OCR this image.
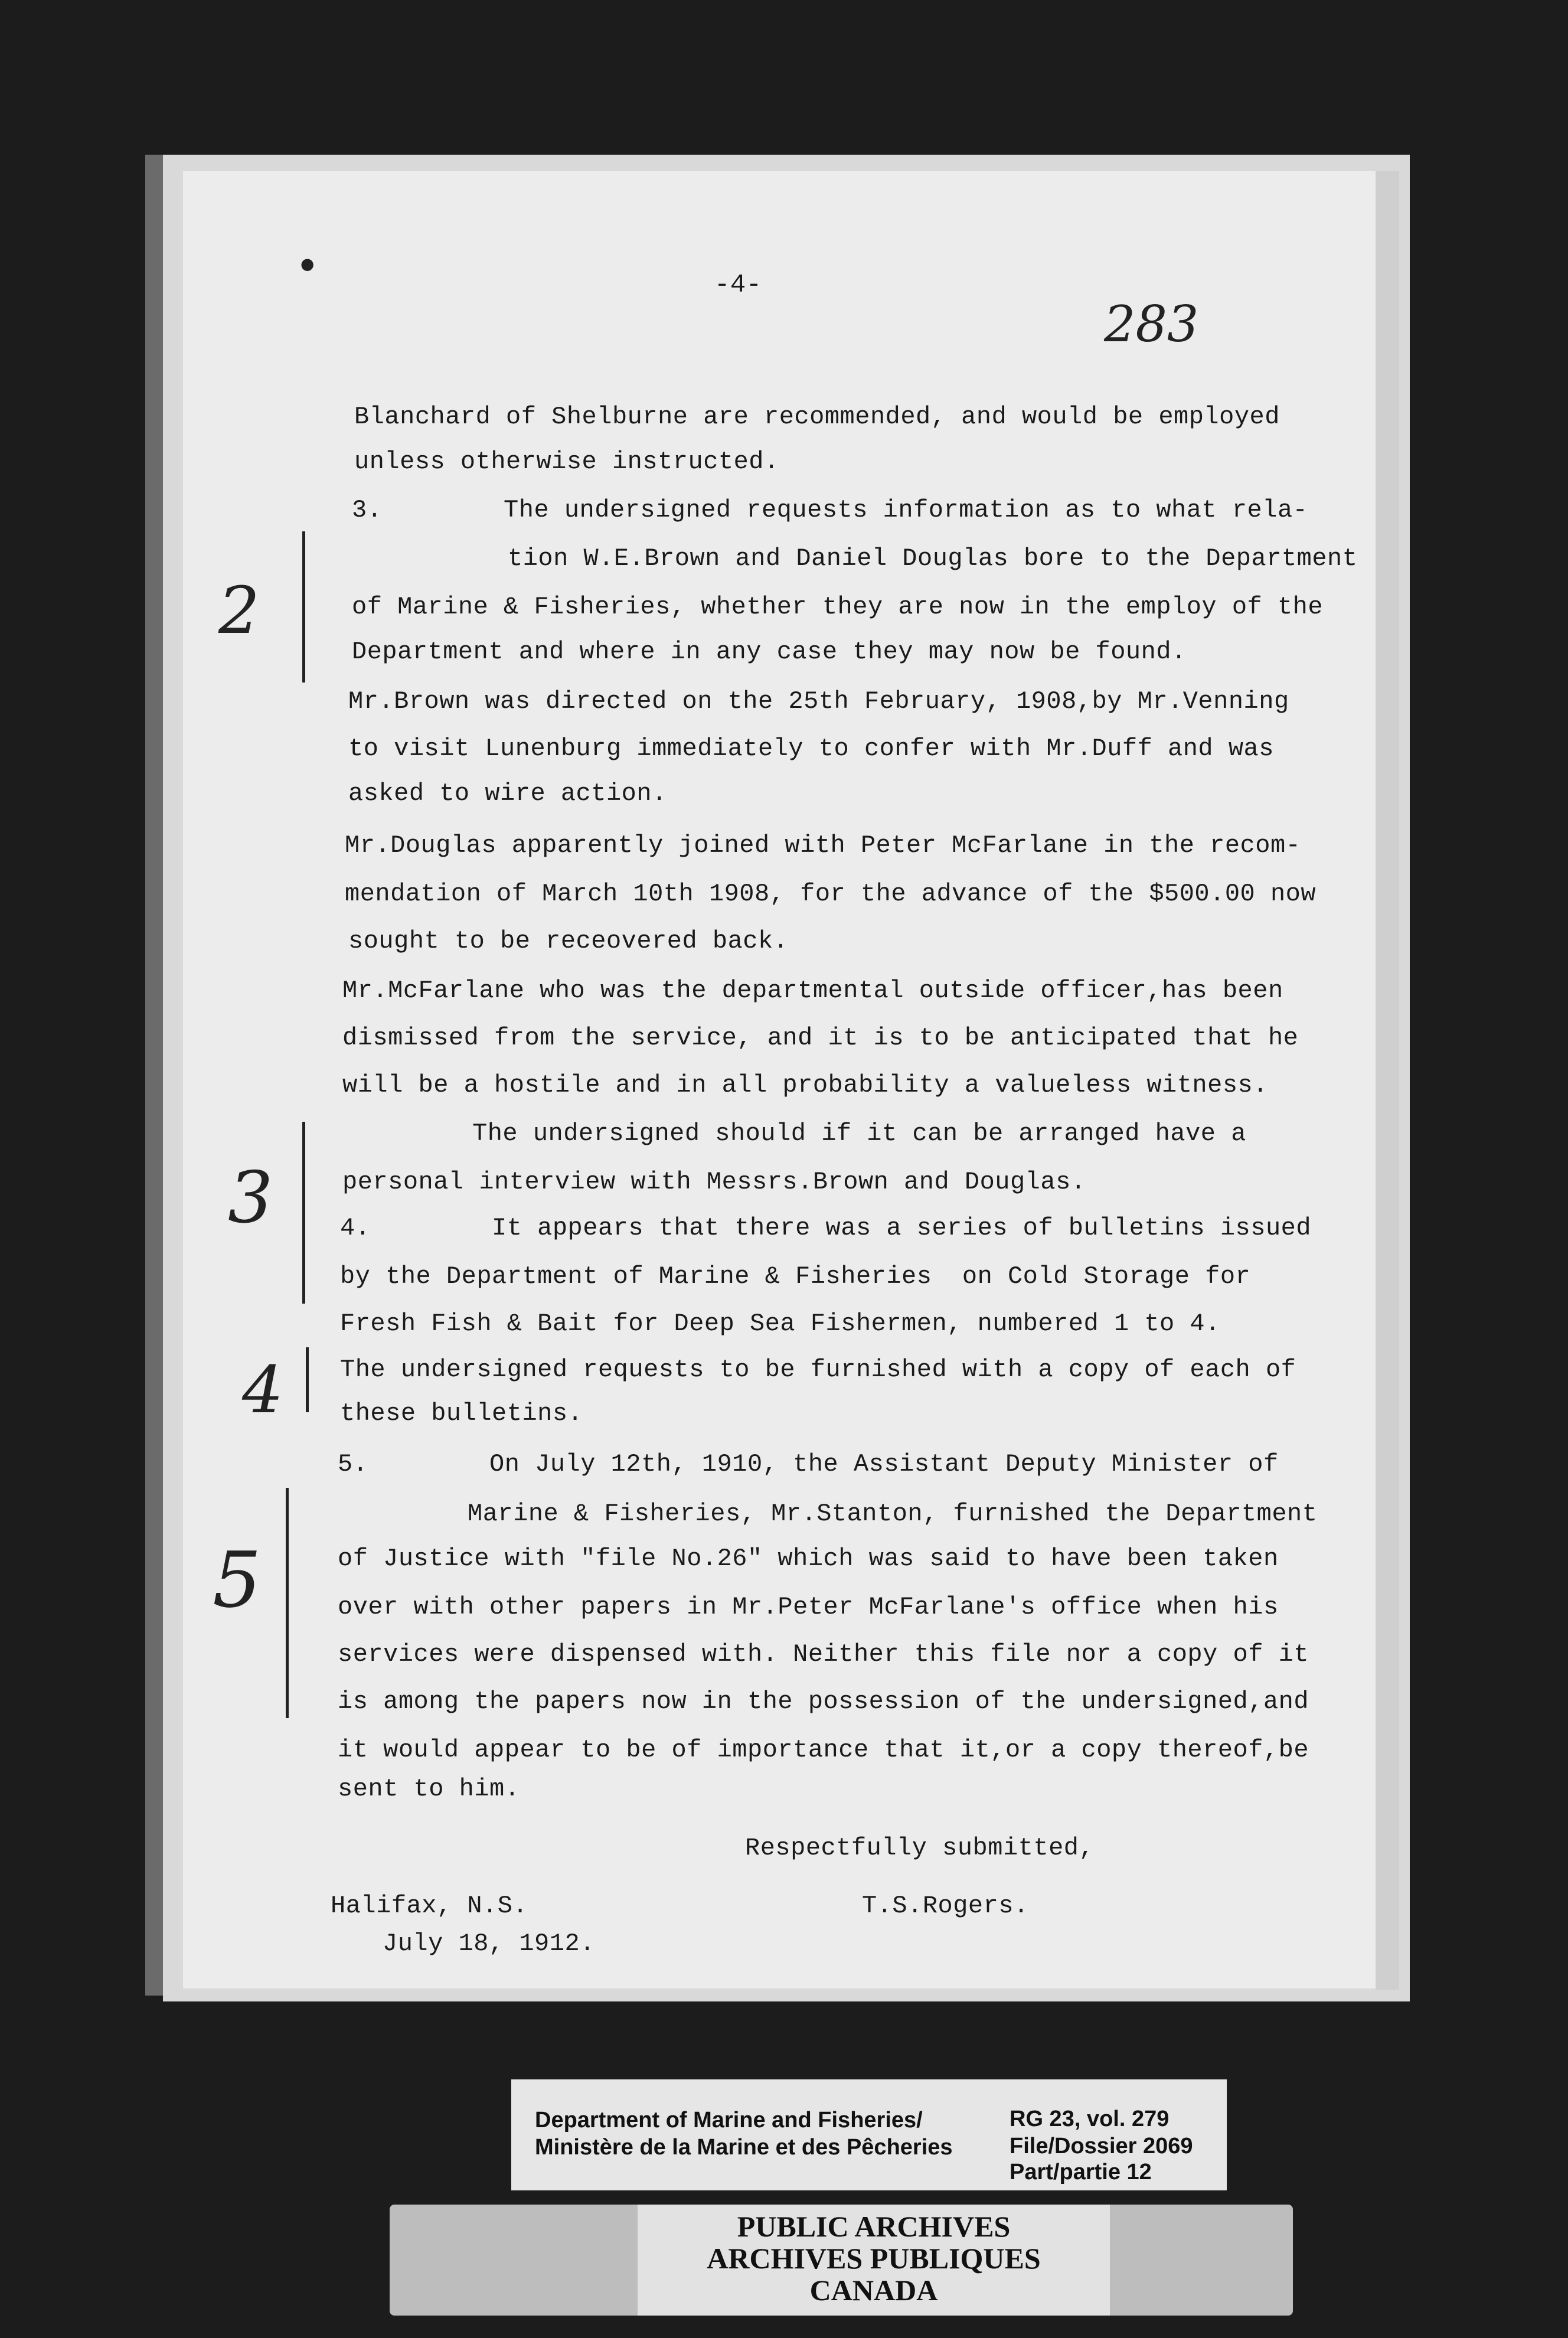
-4-
283
•
Blanchard of Shelburne are recommended, and would be employed
unless otherwise instructed.
3.        The undersigned requests information as to what rela-
tion W.E.Brown and Daniel Douglas bore to the Department
of Marine & Fisheries, whether they are now in the employ of the
Department and where in any case they may now be found.
Mr.Brown was directed on the 25th February, 1908,by Mr.Venning
to visit Lunenburg immediately to confer with Mr.Duff and was
asked to wire action.
Mr.Douglas apparently joined with Peter McFarlane in the recom-
mendation of March 10th 1908, for the advance of the $500.00 now
sought to be receovered back.
Mr.McFarlane who was the departmental outside officer,has been
dismissed from the service, and it is to be anticipated that he
will be a hostile and in all probability a valueless witness.
The undersigned should if it can be arranged have a
personal interview with Messrs.Brown and Douglas.
4.        It appears that there was a series of bulletins issued
by the Department of Marine & Fisheries  on Cold Storage for
Fresh Fish & Bait for Deep Sea Fishermen, numbered 1 to 4.
The undersigned requests to be furnished with a copy of each of
these bulletins.
5.        On July 12th, 1910, the Assistant Deputy Minister of
Marine & Fisheries, Mr.Stanton, furnished the Department
of Justice with "file No.26" which was said to have been taken
over with other papers in Mr.Peter McFarlane's office when his
services were dispensed with. Neither this file nor a copy of it
is among the papers now in the possession of the undersigned,and
it would appear to be of importance that it,or a copy thereof,be
sent to him.
Respectfully submitted,
Halifax, N.S.	T.S.Rogers.
July 18, 1912.
2
3
4
5
Department of Marine and Fisheries/
Ministère de la Marine et des Pêcheries
RG 23, vol. 279
File/Dossier 2069
Part/partie 12
PUBLIC ARCHIVES
ARCHIVES PUBLIQUES
CANADA
